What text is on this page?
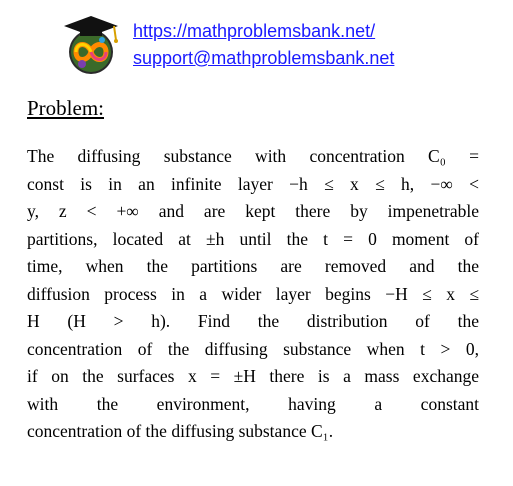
https://mathproblemsbank.net/
support@mathproblemsbank.net
Problem:
The diffusing substance with concentration C₀ =
const is in an infinite layer −h ≤ x ≤ h, −∞ <
y, z < +∞ and are kept there by impenetrable
partitions, located at ±h until the t = 0 moment of
time, when the partitions are removed and the
diffusion process in a wider layer begins −H ≤ x ≤
H (H > h). Find the distribution of the
concentration of the diffusing substance when t > 0,
if on the surfaces x = ±H there is a mass exchange
with the environment, having a constant
concentration of the diffusing substance C₁.
